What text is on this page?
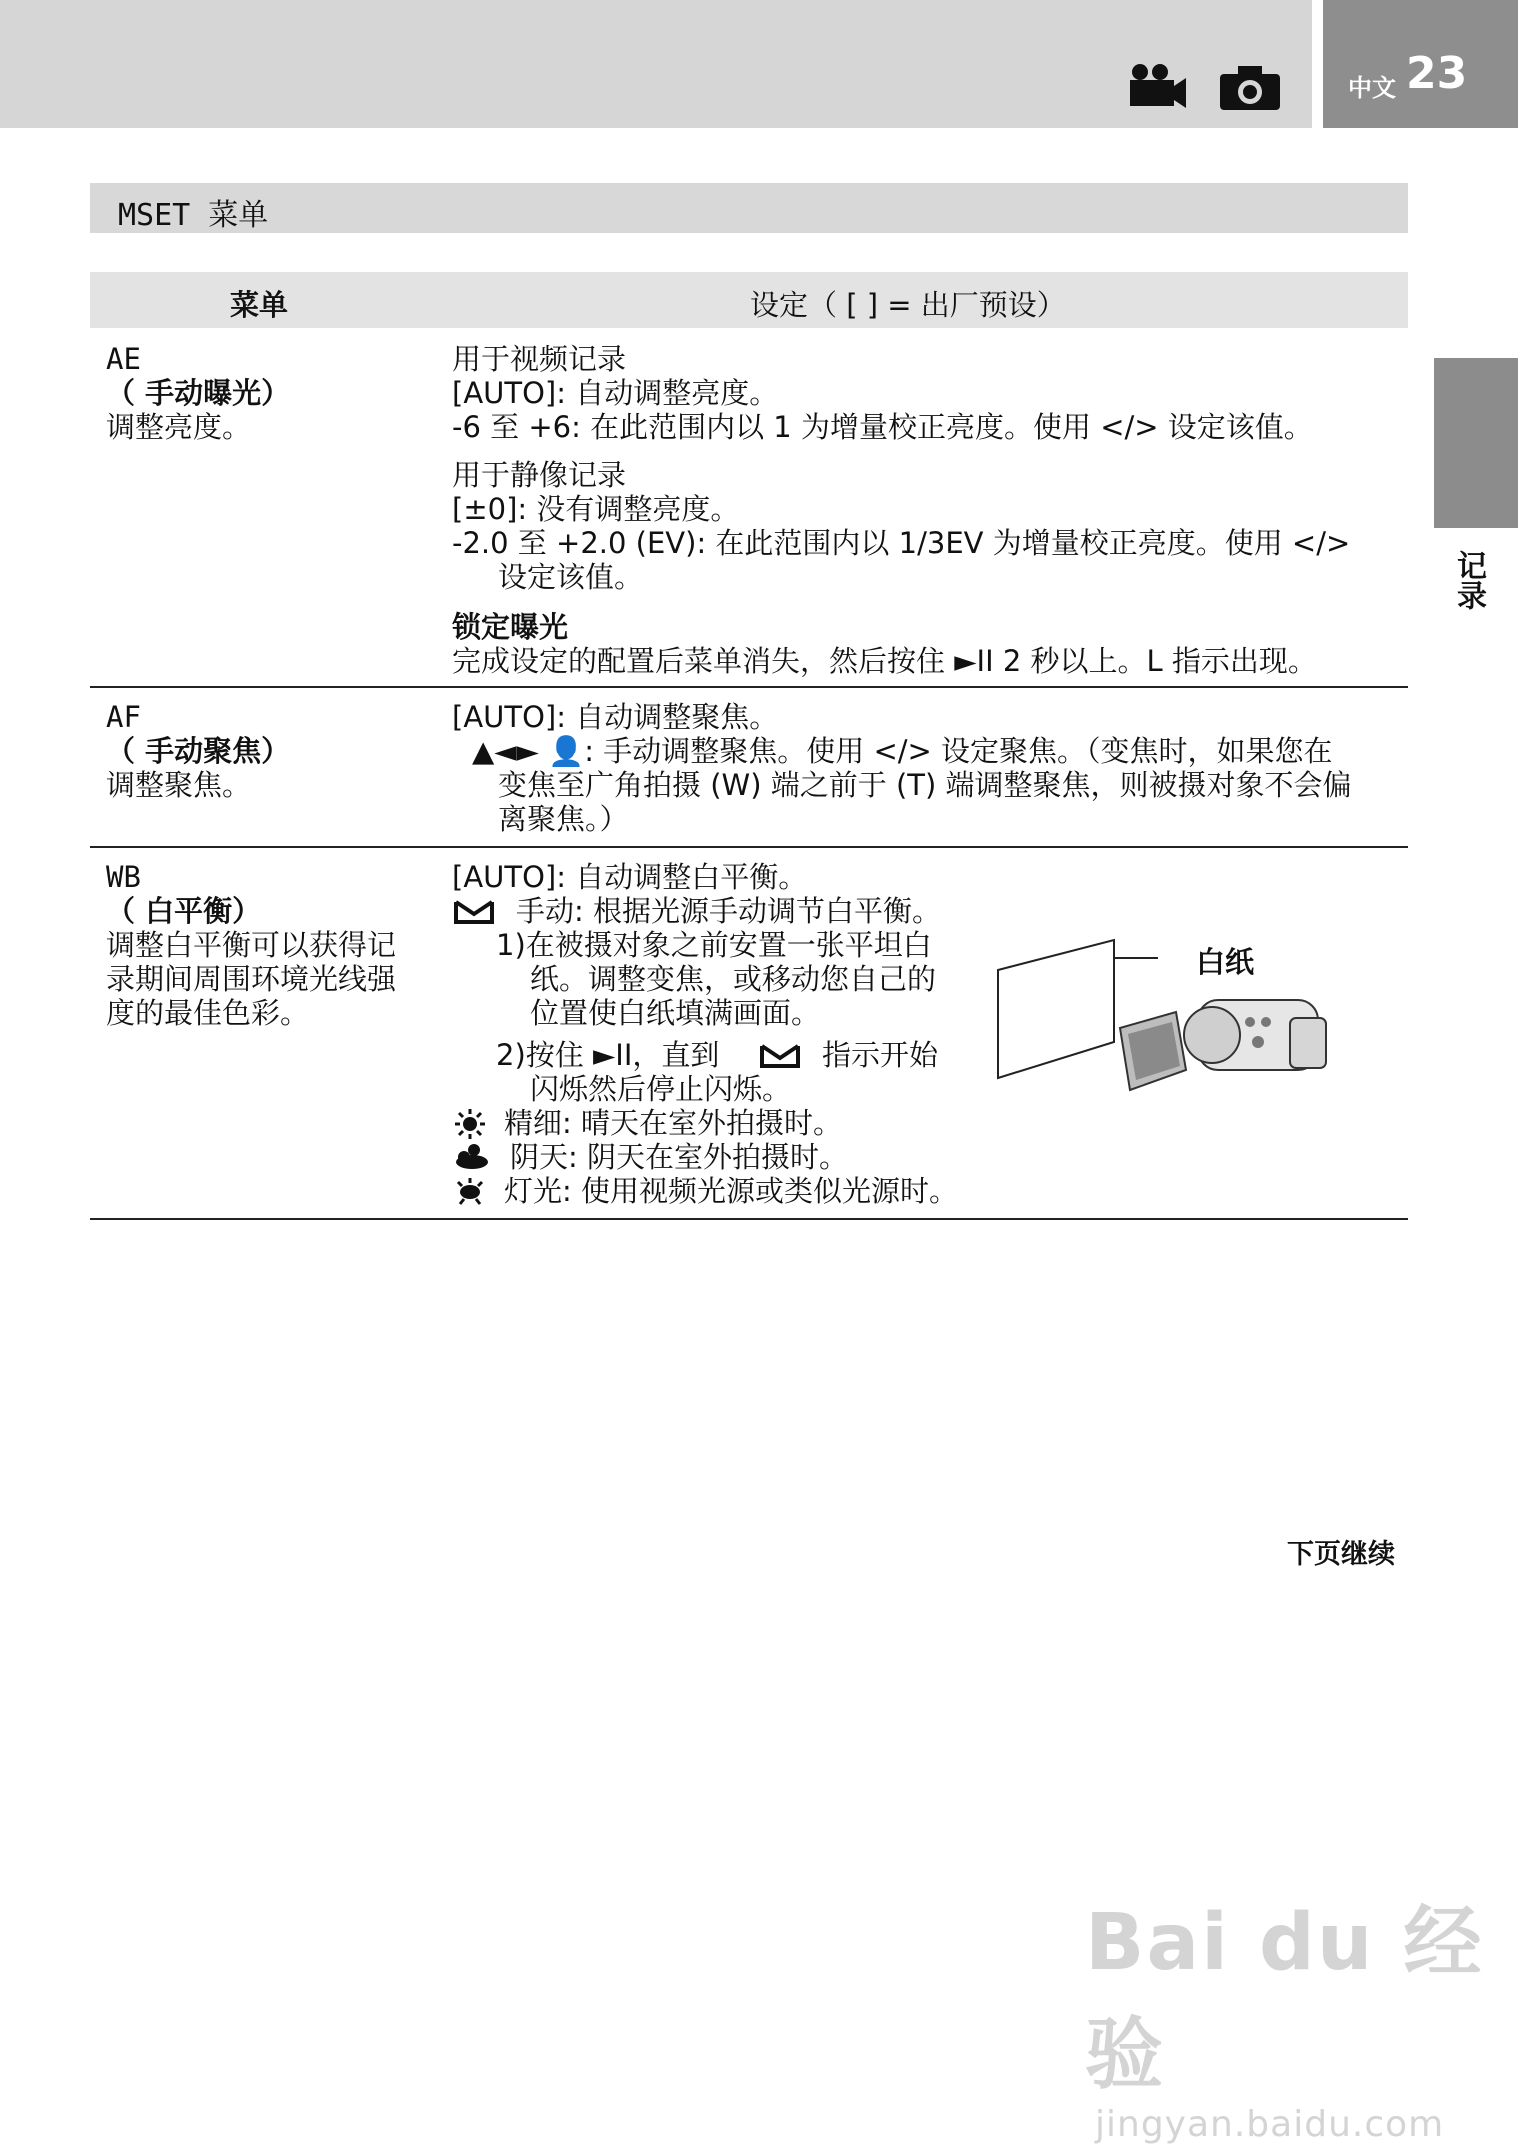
中文 23
记录
MSET 菜单
菜单	设定（ [ ] = 出厂预设）
AE
（ 手动曝光）
调整亮度。
用于视频记录
[AUTO]: 自动调整亮度。
-6 至 +6: 在此范围内以 1 为增量校正亮度。使用 </> 设定该值。
用于静像记录
[±0]: 没有调整亮度。
-2.0 至 +2.0 (EV): 在此范围内以 1/3EV 为增量校正亮度。使用 </>
设定该值。
锁定曝光
完成设定的配置后菜单消失，然后按住 ►II 2 秒以上。L 指示出现。
AF
（ 手动聚焦）
调整聚焦。
[AUTO]: 自动调整聚焦。
▲◄► 👤: 手动调整聚焦。使用 </> 设定聚焦。（变焦时，如果您在
变焦至广角拍摄 (W) 端之前于 (T) 端调整聚焦，则被摄对象不会偏
离聚焦。）
WB
（ 白平衡）
调整白平衡可以获得记
录期间周围环境光线强
度的最佳色彩。
[AUTO]: 自动调整白平衡。
手动: 根据光源手动调节白平衡。
1)在被摄对象之前安置一张平坦白
纸。调整变焦，或移动您自己的
位置使白纸填满画面。
2)按住 ►II，直到	指示开始
闪烁然后停止闪烁。
精细: 晴天在室外拍摄时。
阴天: 阴天在室外拍摄时。
灯光: 使用视频光源或类似光源时。
白纸
下页继续
Bai du 经验
jingyan.baidu.com
